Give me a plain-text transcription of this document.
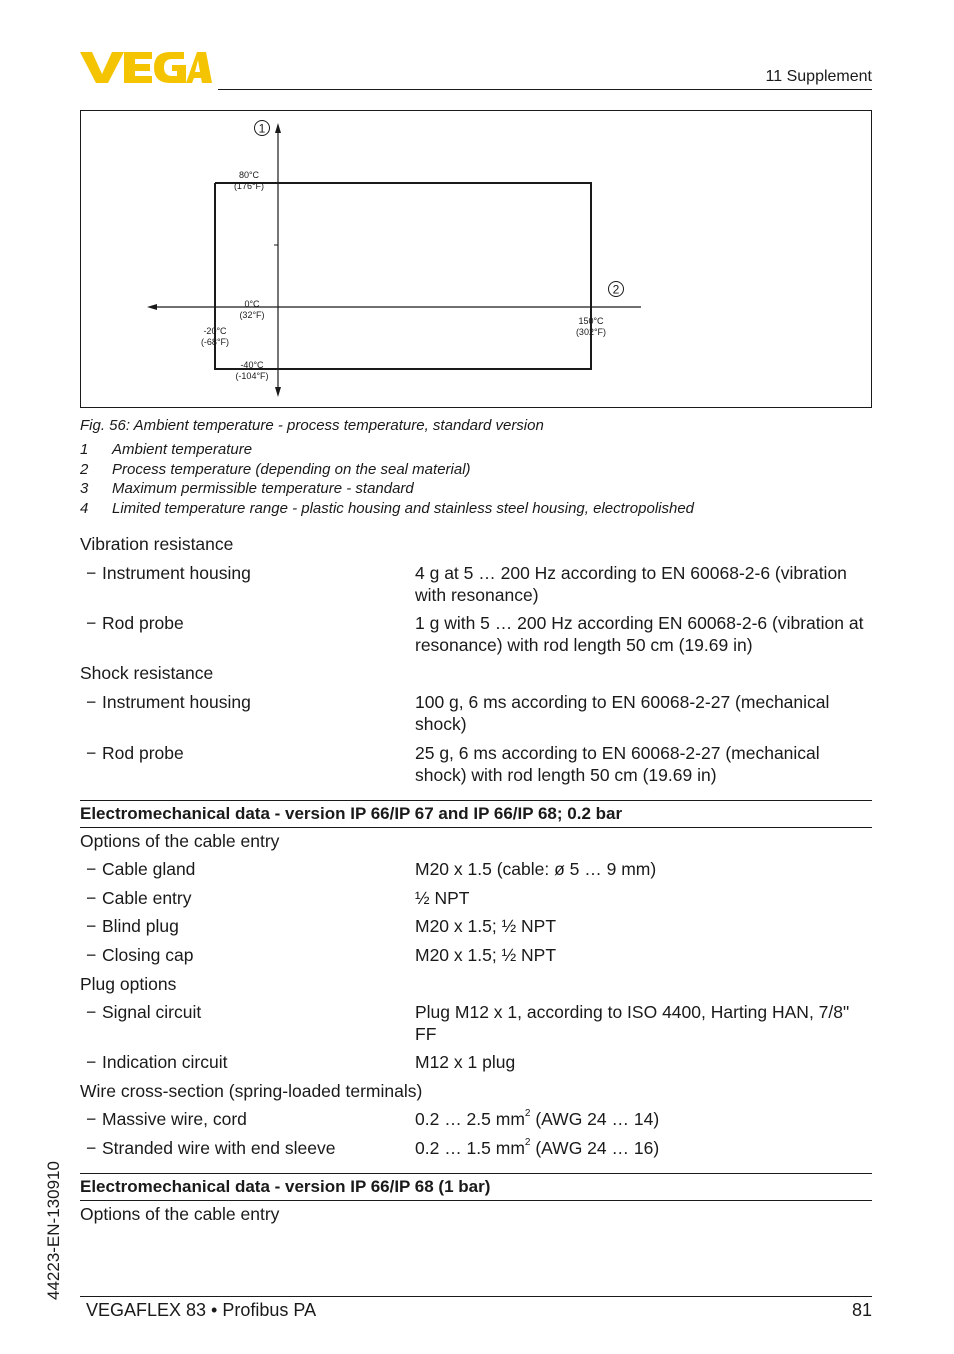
11 Supplement
80°C
(176°F)
0°C
(32°F)
-20°C
(-68°F)
-40°C
(-104°F)
150°C
(302°F)
1
2
Fig. 56: Ambient temperature - process temperature, standard version
1 Ambient temperature
2 Process temperature (depending on the seal material)
3 Maximum permissible temperature - standard
4 Limited temperature range - plastic housing and stainless steel housing, electropolished
Vibration resistance
− Instrument housing	4 g at 5 … 200 Hz according to EN 60068-2-6 (vibration with resonance)
− Rod probe	1 g with 5 … 200 Hz according EN 60068-2-6 (vibration at resonance) with rod length 50 cm (19.69 in)
Shock resistance
− Instrument housing	100 g, 6 ms according to EN 60068-2-27 (mechanical shock)
− Rod probe	25 g, 6 ms according to EN 60068-2-27 (mechanical shock) with rod length 50 cm (19.69 in)
Electromechanical data - version IP 66/IP 67 and IP 66/IP 68; 0.2 bar
Options of the cable entry
− Cable gland	M20 x 1.5 (cable: ø 5 … 9 mm)
− Cable entry	½ NPT
− Blind plug	M20 x 1.5; ½ NPT
− Closing cap	M20 x 1.5; ½ NPT
Plug options
− Signal circuit	Plug M12 x 1, according to ISO 4400, Harting HAN, 7/8" FF
− Indication circuit	M12 x 1 plug
Wire cross-section (spring-loaded terminals)
− Massive wire, cord	0.2 … 2.5 $mm^2$ (AWG 24 … 14)
− Stranded wire with end sleeve	0.2 … 1.5 $mm^2$ (AWG 24 … 16)
Electromechanical data - version IP 66/IP 68 (1 bar)
Options of the cable entry
44223-EN-130910
VEGAFLEX 83 • Profibus PA	81
